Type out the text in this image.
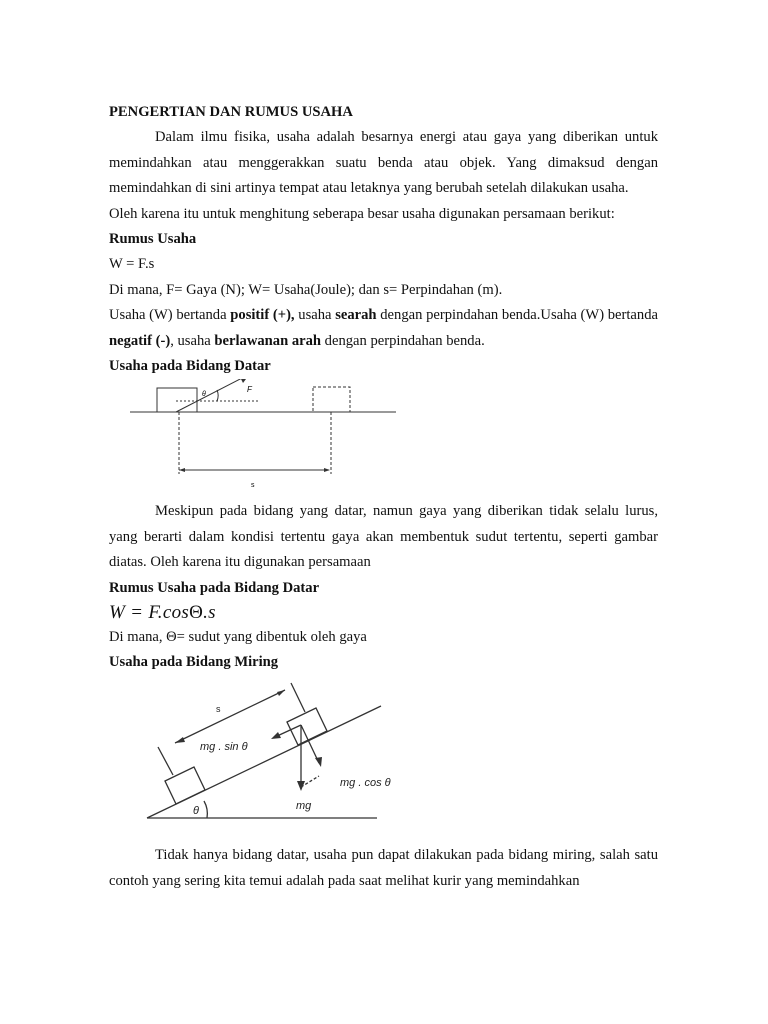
PENGERTIAN DAN RUMUS USAHA
Dalam ilmu fisika, usaha adalah besarnya energi atau gaya yang diberikan untuk memindahkan atau menggerakkan suatu benda atau objek. Yang dimaksud dengan memindahkan di sini artinya tempat atau letaknya yang berubah setelah dilakukan usaha.
Oleh karena itu untuk menghitung seberapa besar usaha digunakan persamaan berikut:
Rumus Usaha
W = F.s
Di mana, F= Gaya (N); W= Usaha(Joule); dan s= Perpindahan (m).
Usaha (W) bertanda positif (+), usaha searah dengan perpindahan benda.Usaha (W) bertanda negatif (-), usaha berlawanan arah dengan perpindahan benda.
Usaha pada Bidang Datar
F
θ
s
Meskipun pada bidang yang datar, namun gaya yang diberikan tidak selalu lurus, yang berarti dalam kondisi tertentu gaya akan membentuk sudut tertentu, seperti gambar diatas. Oleh karena itu digunakan persamaan
Rumus Usaha pada Bidang Datar
W = F.cosΘ.s
Di mana, Θ= sudut yang dibentuk oleh gaya
Usaha pada Bidang Miring
s
mg . sin θ
mg . cos θ
mg
θ
Tidak hanya bidang datar, usaha pun dapat dilakukan pada bidang miring, salah satu contoh yang sering kita temui adalah pada saat melihat kurir yang memindahkan
